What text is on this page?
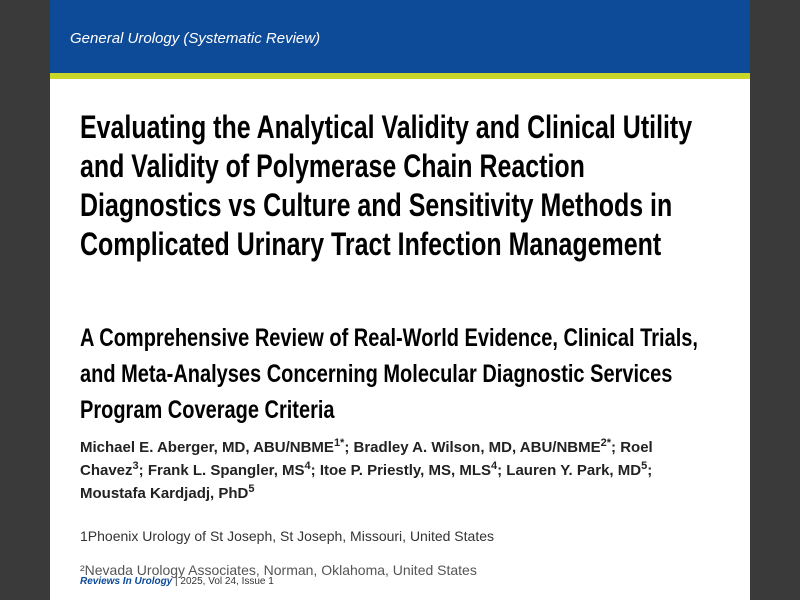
General Urology (Systematic Review)
Evaluating the Analytical Validity and Clinical Utility and Validity of Polymerase Chain Reaction Diagnostics vs Culture and Sensitivity Methods in Complicated Urinary Tract Infection Management
A Comprehensive Review of Real-World Evidence, Clinical Trials, and Meta-Analyses Concerning Molecular Diagnostic Services Program Coverage Criteria
Michael E. Aberger, MD, ABU/$NBME^{1*}$; Bradley A. Wilson, MD, ABU/$NBME^{2*}$; Roel Chavez$^3$; Frank L. Spangler, $MS^4$; Itoe P. Priestly, MS, MLS$^4$; Lauren Y. Park, $MD^5$; Moustafa Kardjadj, PhD$^5$
1Phoenix Urology of St Joseph, St Joseph, Missouri, United States
²Nevada Urology Associates, Norman, Oklahoma, United States
Reviews In Urology | 2025, Vol 24, Issue 1
